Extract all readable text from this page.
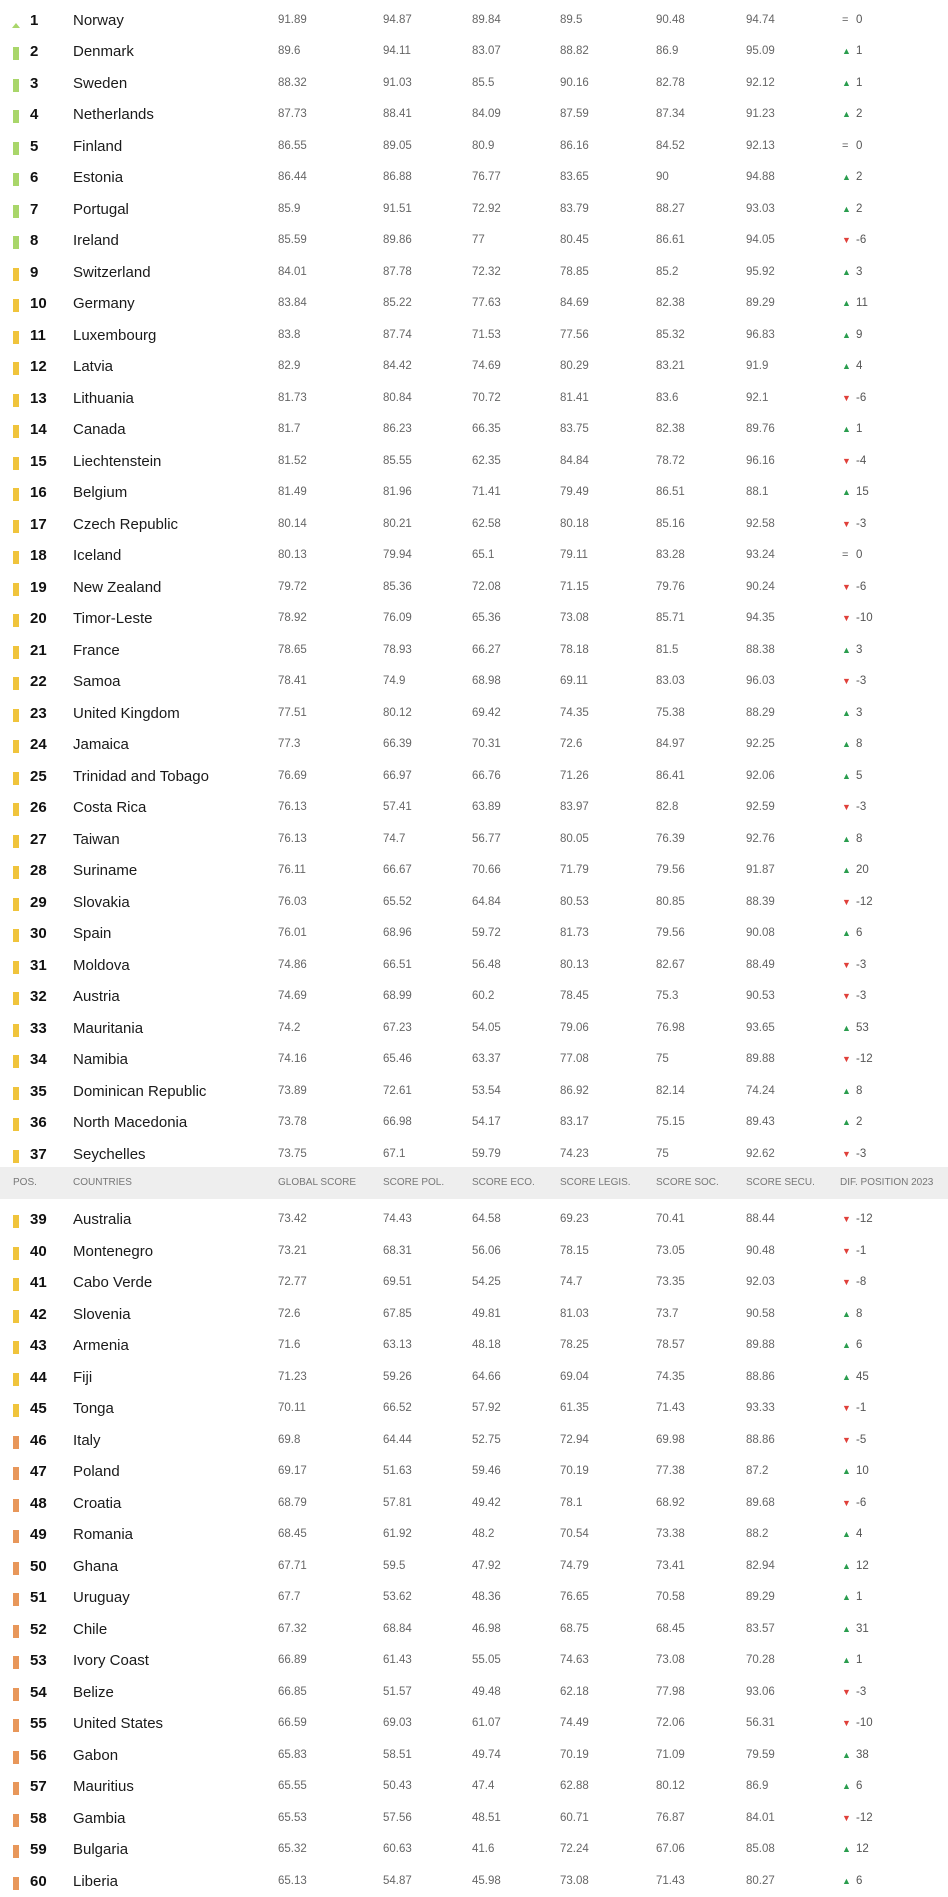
POS.	COUNTRIES	GLOBAL SCORE	SCORE POL.	SCORE ECO.	SCORE LEGIS.	SCORE SOC.	SCORE SECU.	DIF. POSITION 2023
1 Norway	91.89	94.87	89.84	89.5	90.48	94.74	= 0
2 Denmark	89.6	94.11	83.07	88.82	86.9	95.09	▲ 1
3 Sweden	88.32	91.03	85.5	90.16	82.78	92.12	▲ 1
4 Netherlands	87.73	88.41	84.09	87.59	87.34	91.23	▲ 2
5 Finland	86.55	89.05	80.9	86.16	84.52	92.13	= 0
6 Estonia	86.44	86.88	76.77	83.65	90	94.88	▲ 2
7 Portugal	85.9	91.51	72.92	83.79	88.27	93.03	▲ 2
8 Ireland	85.59	89.86	77	80.45	86.61	94.05	▼ -6
9 Switzerland	84.01	87.78	72.32	78.85	85.2	95.92	▲ 3
10 Germany	83.84	85.22	77.63	84.69	82.38	89.29	▲ 11
11 Luxembourg	83.8	87.74	71.53	77.56	85.32	96.83	▲ 9
12 Latvia	82.9	84.42	74.69	80.29	83.21	91.9	▲ 4
13 Lithuania	81.73	80.84	70.72	81.41	83.6	92.1	▼ -6
14 Canada	81.7	86.23	66.35	83.75	82.38	89.76	▲ 1
15 Liechtenstein	81.52	85.55	62.35	84.84	78.72	96.16	▼ -4
16 Belgium	81.49	81.96	71.41	79.49	86.51	88.1	▲ 15
17 Czech Republic	80.14	80.21	62.58	80.18	85.16	92.58	▼ -3
18 Iceland	80.13	79.94	65.1	79.11	83.28	93.24	= 0
19 New Zealand	79.72	85.36	72.08	71.15	79.76	90.24	▼ -6
20 Timor-Leste	78.92	76.09	65.36	73.08	85.71	94.35	▼ -10
21 France	78.65	78.93	66.27	78.18	81.5	88.38	▲ 3
22 Samoa	78.41	74.9	68.98	69.11	83.03	96.03	▼ -3
23 United Kingdom	77.51	80.12	69.42	74.35	75.38	88.29	▲ 3
24 Jamaica	77.3	66.39	70.31	72.6	84.97	92.25	▲ 8
25 Trinidad and Tobago	76.69	66.97	66.76	71.26	86.41	92.06	▲ 5
26 Costa Rica	76.13	57.41	63.89	83.97	82.8	92.59	▼ -3
27 Taiwan	76.13	74.7	56.77	80.05	76.39	92.76	▲ 8
28 Suriname	76.11	66.67	70.66	71.79	79.56	91.87	▲ 20
29 Slovakia	76.03	65.52	64.84	80.53	80.85	88.39	▼ -12
30 Spain	76.01	68.96	59.72	81.73	79.56	90.08	▲ 6
31 Moldova	74.86	66.51	56.48	80.13	82.67	88.49	▼ -3
32 Austria	74.69	68.99	60.2	78.45	75.3	90.53	▼ -3
33 Mauritania	74.2	67.23	54.05	79.06	76.98	93.65	▲ 53
34 Namibia	74.16	65.46	63.37	77.08	75	89.88	▼ -12
35 Dominican Republic	73.89	72.61	53.54	86.92	82.14	74.24	▲ 8
36 North Macedonia	73.78	66.98	54.17	83.17	75.15	89.43	▲ 2
37 Seychelles	73.75	67.1	59.79	74.23	75	92.62	▼ -3
39 Australia	73.42	74.43	64.58	69.23	70.41	88.44	▼ -12
40 Montenegro	73.21	68.31	56.06	78.15	73.05	90.48	▼ -1
41 Cabo Verde	72.77	69.51	54.25	74.7	73.35	92.03	▼ -8
42 Slovenia	72.6	67.85	49.81	81.03	73.7	90.58	▲ 8
43 Armenia	71.6	63.13	48.18	78.25	78.57	89.88	▲ 6
44 Fiji	71.23	59.26	64.66	69.04	74.35	88.86	▲ 45
45 Tonga	70.11	66.52	57.92	61.35	71.43	93.33	▼ -1
46 Italy	69.8	64.44	52.75	72.94	69.98	88.86	▼ -5
47 Poland	69.17	51.63	59.46	70.19	77.38	87.2	▲ 10
48 Croatia	68.79	57.81	49.42	78.1	68.92	89.68	▼ -6
49 Romania	68.45	61.92	48.2	70.54	73.38	88.2	▲ 4
50 Ghana	67.71	59.5	47.92	74.79	73.41	82.94	▲ 12
51 Uruguay	67.7	53.62	48.36	76.65	70.58	89.29	▲ 1
52 Chile	67.32	68.84	46.98	68.75	68.45	83.57	▲ 31
53 Ivory Coast	66.89	61.43	55.05	74.63	73.08	70.28	▲ 1
54 Belize	66.85	51.57	49.48	62.18	77.98	93.06	▼ -3
55 United States	66.59	69.03	61.07	74.49	72.06	56.31	▼ -10
56 Gabon	65.83	58.51	49.74	70.19	71.09	79.59	▲ 38
57 Mauritius	65.55	50.43	47.4	62.88	80.12	86.9	▲ 6
58 Gambia	65.53	57.56	48.51	60.71	76.87	84.01	▼ -12
59 Bulgaria	65.32	60.63	41.6	72.24	67.06	85.08	▲ 12
60 Liberia	65.13	54.87	45.98	73.08	71.43	80.27	▲ 6
